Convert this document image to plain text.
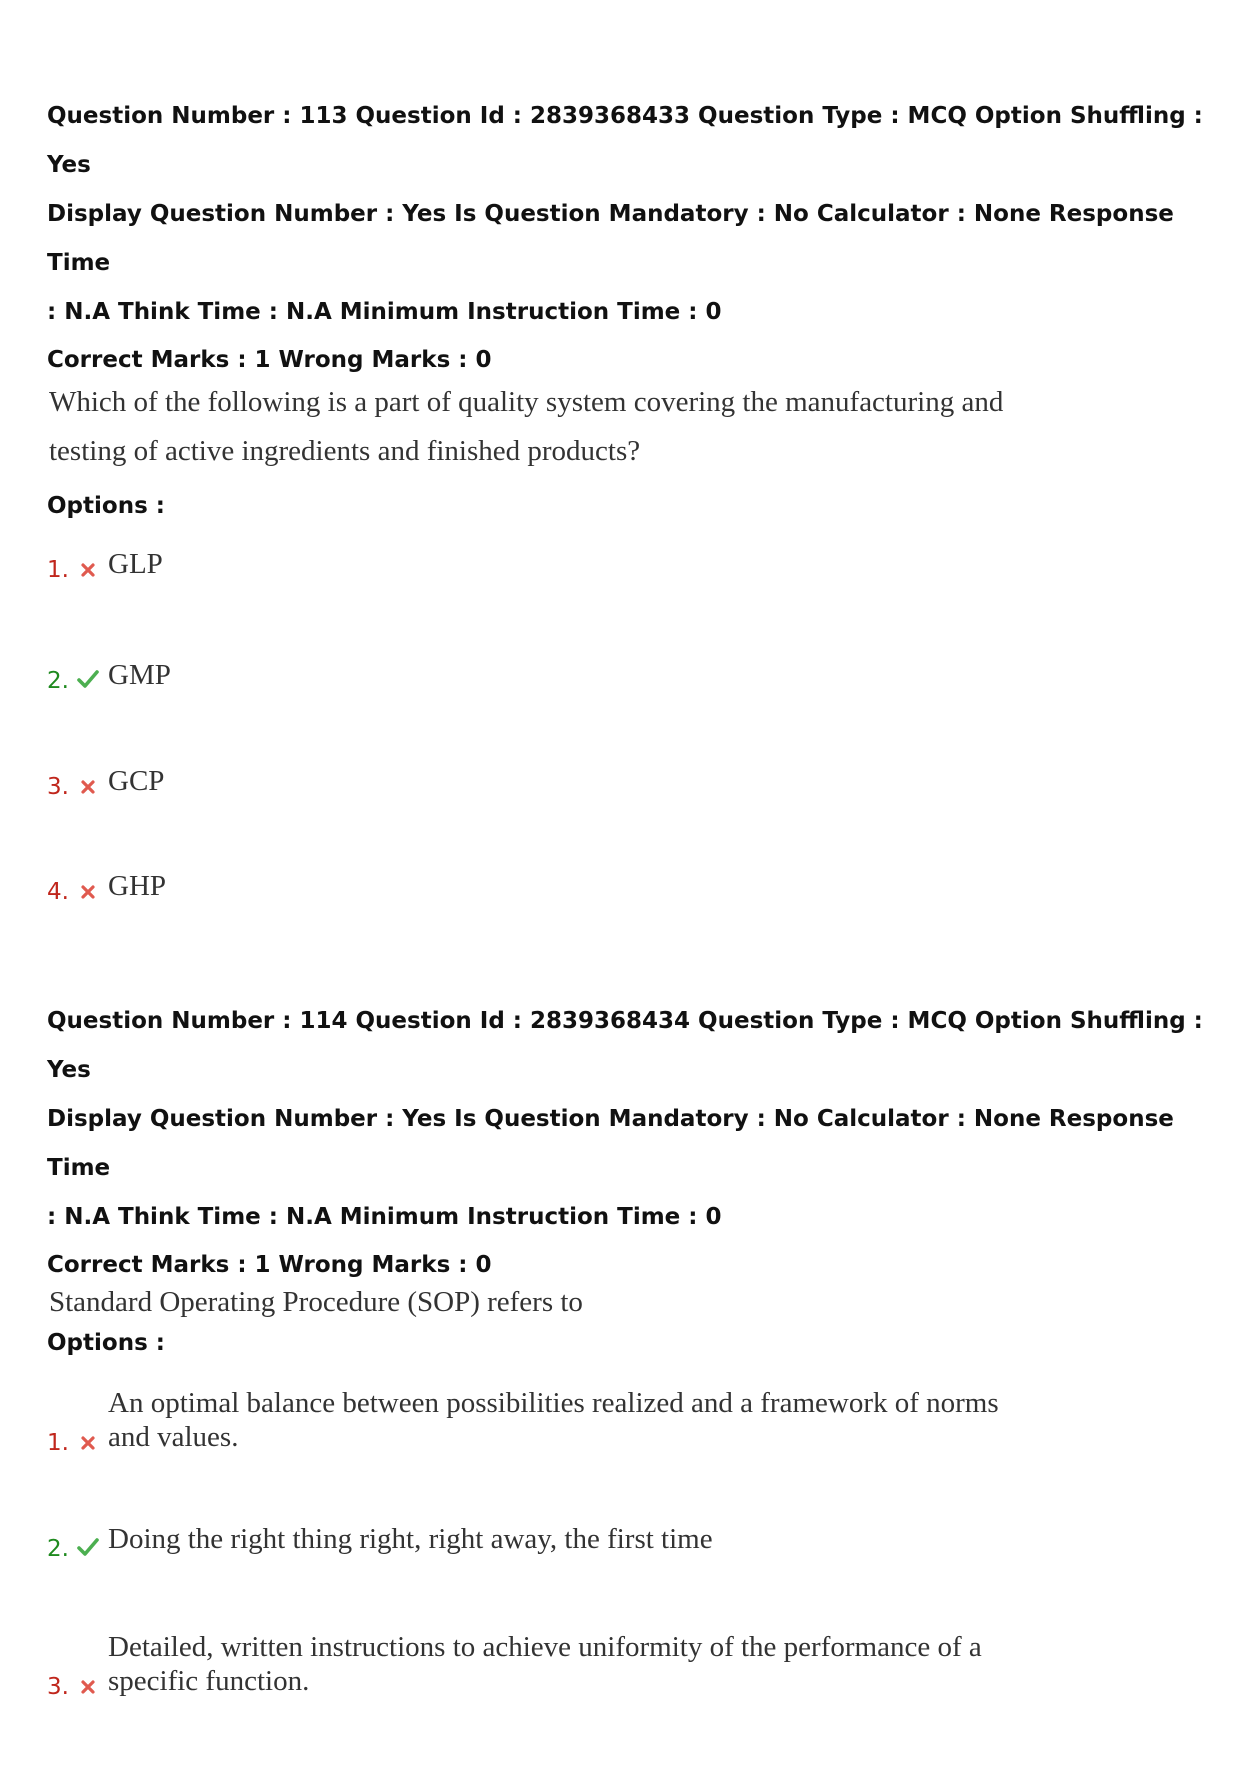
Question Number : 113 Question Id : 2839368433 Question Type : MCQ Option Shuffling : Yes

Display Question Number : Yes Is Question Mandatory : No Calculator : None Response Time

: N.A Think Time : N.A Minimum Instruction Time : 0

Correct Marks : 1 Wrong Marks : 0

Which of the following is a part of quality system covering the manufacturing and

testing of active ingredients and finished products?

Options :

1. GLP
2. GMP
3. GCP
4. GHP

Question Number : 114 Question Id : 2839368434 Question Type : MCQ Option Shuffling : Yes

Display Question Number : Yes Is Question Mandatory : No Calculator : None Response Time

: N.A Think Time : N.A Minimum Instruction Time : 0

Correct Marks : 1 Wrong Marks : 0

Standard Operating Procedure (SOP) refers to

Options :

1.
An optimal balance between possibilities realized and a framework of norms
and values.
2. Doing the right thing right, right away, the first time
3.
Detailed, written instructions to achieve uniformity of the performance of a
specific function.
